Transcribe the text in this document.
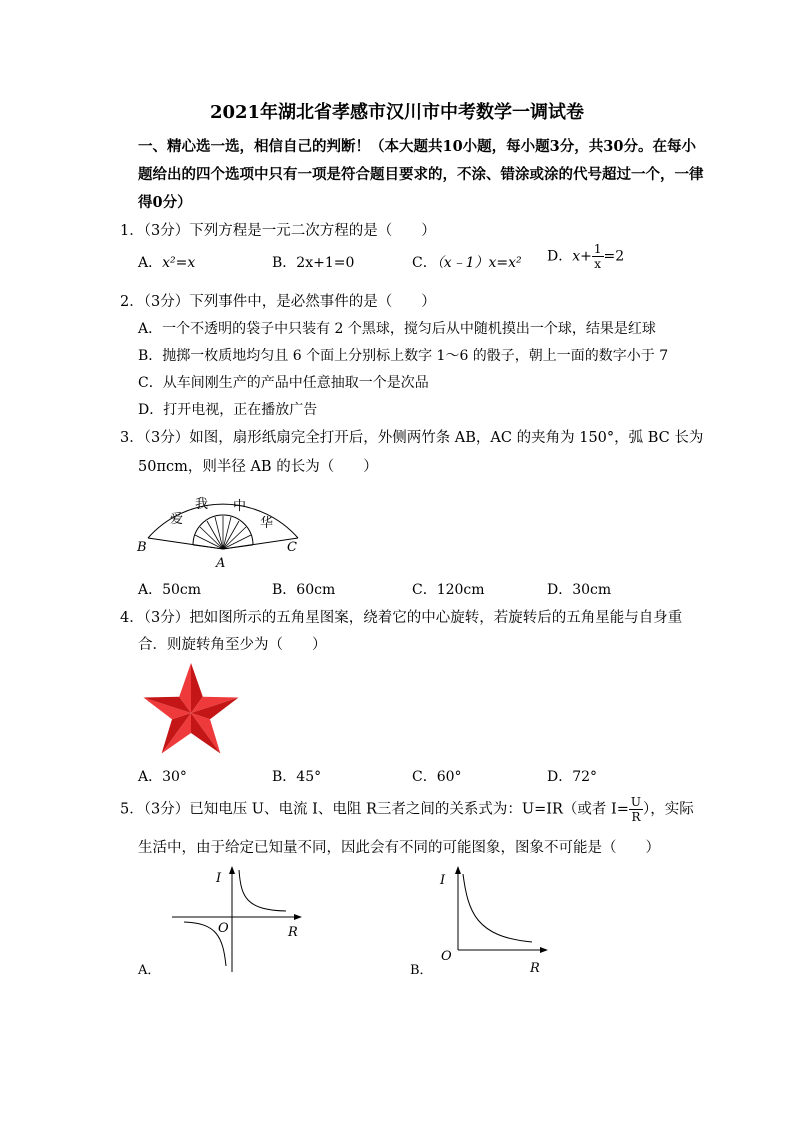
2021年湖北省孝感市汉川市中考数学一调试卷
一、精心选一选，相信自己的判断！（本大题共10小题，每小题3分，共30分。在每小
题给出的四个选项中只有一项是符合题目要求的，不涂、错涂或涂的代号超过一个，一律
得0分）
1．（3分）下列方程是一元二次方程的是（　　）
A．x²=x	B．2x+1=0	C．（x﹣1）x=x² D．$x+ \frac{1}{x} =2$
2．（3分）下列事件中，是必然事件的是（　　）
A．一个不透明的袋子中只装有 2 个黑球，搅匀后从中随机摸出一个球，结果是红球
B．抛掷一枚质地均匀且 6 个面上分别标上数字 1～6 的骰子，朝上一面的数字小于 7
C．从车间刚生产的产品中任意抽取一个是次品
D．打开电视，正在播放广告
3．（3分）如图，扇形纸扇完全打开后，外侧两竹条 AB，AC 的夹角为 150°，弧 BC 长为
50πcm，则半径 AB 的长为（　　）
爱
我 中
华
B
A
C
A．50cm	B．60cm	C．120cm	D．30cm
4．（3分）把如图所示的五角星图案，绕着它的中心旋转，若旋转后的五角星能与自身重
合．则旋转角至少为（　　）
A．30°	B．45°	C．60°	D．72°
5．（3分）已知电压 U、电流 I、电阻 R三者之间的关系式为：U=IR（或者 $I= \frac{U}{R}$ ），实际
生活中，由于给定已知量不同，因此会有不同的可能图象，图象不可能是（　　）
I
O	R
A．
I
O
R
B．
